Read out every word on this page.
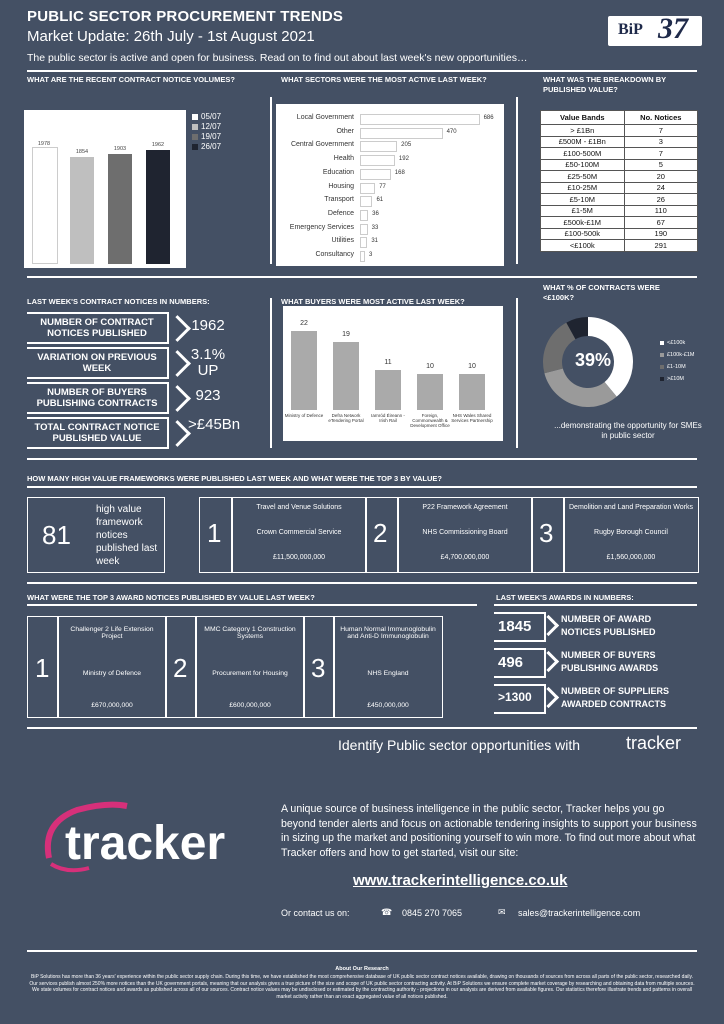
PUBLIC SECTOR PROCUREMENT TRENDS
Market Update: 26th July - 1st August 2021
The public sector is active and open for business. Read on to find out about last week's new opportunities…
BiP 37
WHAT ARE THE RECENT CONTRACT NOTICE VOLUMES?	WHAT SECTORS WERE THE MOST ACTIVE LAST WEEK?	WHAT WAS THE BREAKDOWN BY PUBLISHED VALUE?
1978
1854	1903
1962
05/07
12/07
19/07
26/07
Local Government	686
Other	470
Central Government	205
Health	192
Education	168
Housing	77
Transport	61
Defence	36
Emergency Services	33
Utilities	31
Consultancy	3
Value Bands	No. Notices
> £1Bn	7
£500M - £1Bn	3
£100-500M	7
£50-100M	5
£25-50M	20
£10-25M	24
£5-10M	26
£1-5M	110
£500k-£1M	67
£100-500k	190
<£100k	291
LAST WEEK'S CONTRACT NOTICES IN NUMBERS:	WHAT BUYERS WERE MOST ACTIVE LAST WEEK?
WHAT % OF CONTRACTS WERE <£100K?
NUMBER OF CONTRACT NOTICES PUBLISHED	1962
VARIATION ON PREVIOUS WEEK
3.1% UP
NUMBER OF BUYERS PUBLISHING CONTRACTS	923
TOTAL CONTRACT NOTICE PUBLISHED VALUE
>£45Bn
22
Ministry of Defence
19
Defra Network eTendering Portal
11
Iarnród Éireann - Irish Rail
10
Foreign, Commonwealth & Development Office
10
NHS Wales Shared Services Partnership
39%
<£100k
£100k-£1M
£1-10M
>£10M
...demonstrating the opportunity for SMEs in public sector
HOW MANY HIGH VALUE FRAMEWORKS WERE PUBLISHED LAST WEEK AND WHAT WERE THE TOP 3 BY VALUE?
81
high value framework notices published last week
1
Travel and Venue Solutions
Crown Commercial Service
£11,500,000,000
2
P22 Framework Agreement
NHS Commissioning Board
£4,700,000,000
3
Demolition and Land Preparation Works
Rugby Borough Council
£1,560,000,000
WHAT WERE THE TOP 3 AWARD NOTICES PUBLISHED BY VALUE LAST WEEK?	LAST WEEK'S AWARDS IN NUMBERS:
1
Challenger 2 Life Extension Project
Ministry of Defence
£670,000,000
2
MMC Category 1 Construction Systems
Procurement for Housing
£600,000,000
3
Human Normal Immunoglobulin and Anti-D Immunoglobulin
NHS England
£450,000,000
1845	NUMBER OF AWARD NOTICES PUBLISHED
496	NUMBER OF BUYERS PUBLISHING AWARDS
>1300	NUMBER OF SUPPLIERS AWARDED CONTRACTS
Identify Public sector opportunities with	tracker
tracker
A unique source of business intelligence in the public sector, Tracker helps you go beyond tender alerts and focus on actionable tendering insights to support your business in sizing up the market and positioning yourself to win more. To find out more about what Tracker offers and how to get started, visit our site:
www.trackerintelligence.co.uk
Or contact us on:	☎ 0845 270 7065	✉ sales@trackerintelligence.com
About Our Research
BiP Solutions has more than 36 years' experience within the public sector supply chain. During this time, we have established the most comprehensive database of UK public sector contract notices available, drawing on thousands of sources from across all parts of the public sector, researched daily. Our services publish almost 250% more notices than the UK government portals, meaning that our analysis gives a true picture of the size and scope of UK public sector contracting activity. At BiP Solutions we ensure complete market coverage by researching and obtaining data from multiple sources. We state volumes for contract notices and awards as published across all of our sources. Contract notice values may be undisclosed or estimated by the contracting authority - projections in our analysis are derived from available figures. Our statistics therefore illustrate trends and patterns in overall market activity rather than an exact aggregated value of all notices published.
